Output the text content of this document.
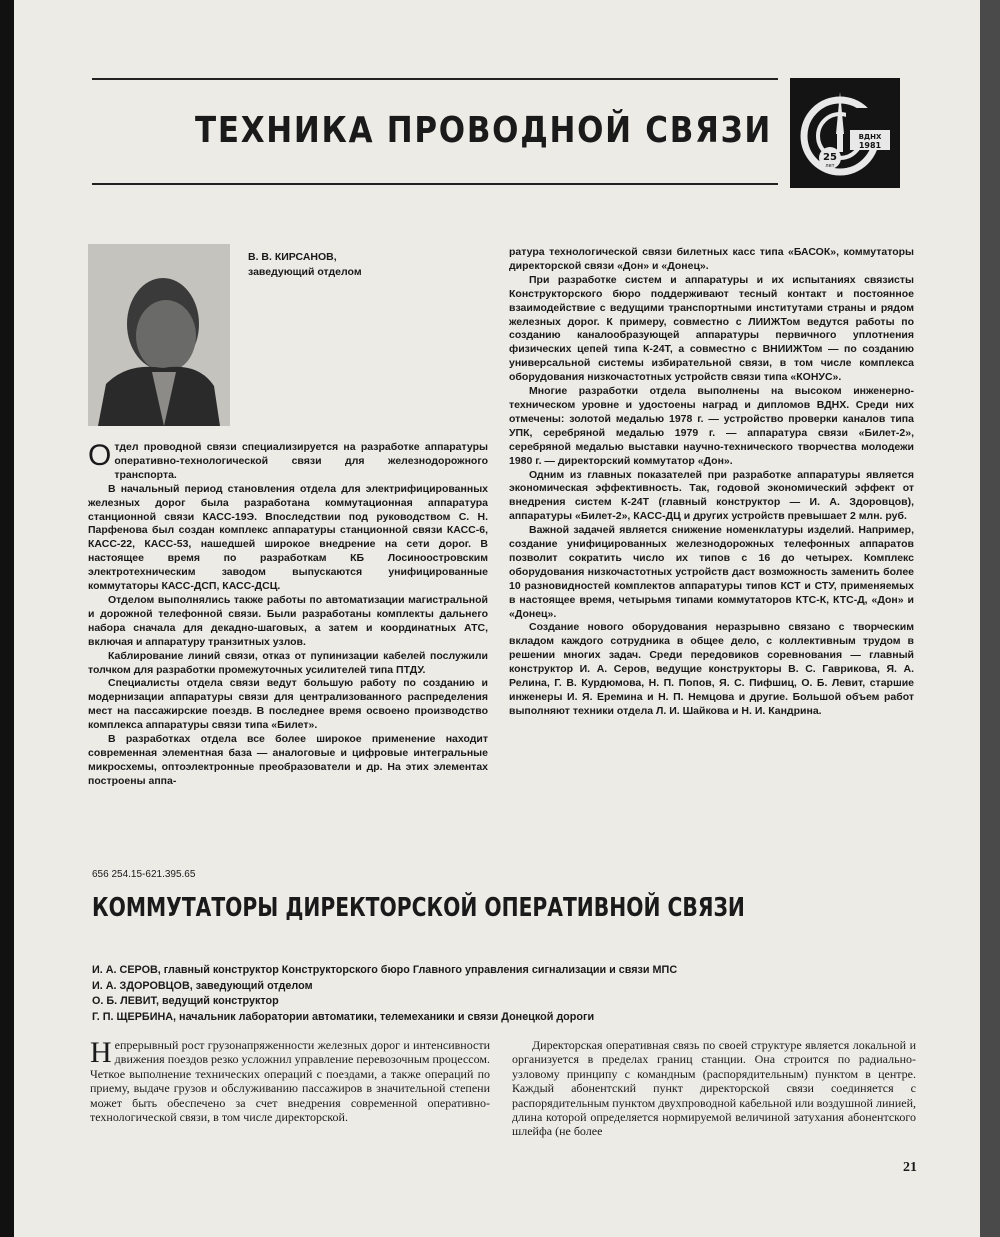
ТЕХНИКА ПРОВОДНОЙ СВЯЗИ	ВДНХ
1981
25
лет
В. В. КИРСАНОВ,
заведующий отделом

Отдел проводной связи специализируется на разработке аппаратуры оперативно-технологической связи для железнодорожного транспорта.

В начальный период становления отдела для электрифицированных железных дорог была разработана коммутационная аппаратура станционной связи КАСС-19Э. Впоследствии под руководством С. Н. Парфенова был создан комплекс аппаратуры станционной связи КАСС-6, КАСС-22, КАСС-53, нашедшей широкое внедрение на сети дорог. В настоящее время по разработкам КБ Лосиноостровским электротехническим заводом выпускаются унифицированные коммутаторы КАСС-ДСП, КАСС-ДСЦ.

Отделом выполнялись также работы по автоматизации магистральной и дорожной телефонной связи. Были разработаны комплекты дальнего набора сначала для декадно-шаговых, а затем и координатных АТС, включая и аппаратуру транзитных узлов.

Каблирование линий связи, отказ от пупинизации кабелей послужили толчком для разработки промежуточных усилителей типа ПТДУ.

Специалисты отдела связи ведут большую работу по созданию и модернизации аппаратуры связи для централизованного распределения мест на пассажирские поездв. В последнее время освоено производство комплекса аппаратуры связи типа «Билет».

В разработках отдела все более широкое применение находит современная элементная база — аналоговые и цифровые интегральные микросхемы, оптоэлектронные преобразователи и др. На этих элементах построены аппа-

ратура технологической связи билетных касс типа «БАСОК», коммутаторы директорской связи «Дон» и «Донец».

При разработке систем и аппаратуры и их испытаниях связисты Конструкторского бюро поддерживают тесный контакт и постоянное взаимодействие с ведущими транспортными институтами страны и рядом железных дорог. К примеру, совместно с ЛИИЖТом ведутся работы по созданию каналообразующей аппаратуры первичного уплотнения физических цепей типа К-24Т, а совместно с ВНИИЖТом — по созданию универсальной системы избирательной связи, в том числе комплекса оборудования низкочастотных устройств связи типа «КОНУС».

Многие разработки отдела выполнены на высоком инженерно-техническом уровне и удостоены наград и дипломов ВДНХ. Среди них отмечены: золотой медалью 1978 г. — устройство проверки каналов типа УПК, серебряной медалью 1979 г. — аппаратура связи «Билет-2», серебряной медалью выставки научно-технического творчества молодежи 1980 г. — директорский коммутатор «Дон».

Одним из главных показателей при разработке аппаратуры является экономическая эффективность. Так, годовой экономический эффект от внедрения систем К-24Т (главный конструктор — И. А. Здоровцов), аппаратуры «Билет-2», КАСС-ДЦ и других устройств превышает 2 млн. руб.

Важной задачей является снижение номенклатуры изделий. Например, создание унифицированных железнодорожных телефонных аппаратов позволит сократить число их типов с 16 до четырех. Комплекс оборудования низкочастотных устройств даст возможность заменить более 10 разновидностей комплектов аппаратуры типов КСТ и СТУ, применяемых в настоящее время, четырьмя типами коммутаторов КТС-К, КТС-Д, «Дон» и «Донец».

Создание нового оборудования неразрывно связано с творческим вкладом каждого сотрудника в общее дело, с коллективным трудом в решении многих задач. Среди передовиков соревнования — главный конструктор И. А. Серов, ведущие конструкторы В. С. Гаврикова, Я. А. Релина, Г. В. Курдюмова, Н. П. Попов, Я. С. Пифшиц, О. Б. Левит, старшие инженеры И. Я. Еремина и Н. П. Немцова и другие. Большой объем работ выполняют техники отдела Л. И. Шайкова и Н. И. Кандрина.

656 254.15-621.395.65
КОММУТАТОРЫ ДИРЕКТОРСКОЙ ОПЕРАТИВНОЙ СВЯЗИ
И. А. СЕРОВ, главный конструктор Конструкторского бюро Главного управления сигнализации и связи МПС
И. А. ЗДОРОВЦОВ, заведующий отделом
О. Б. ЛЕВИТ, ведущий конструктор
Г. П. ЩЕРБИНА, начальник лаборатории автоматики, телемеханики и связи Донецкой дороги

Непрерывный рост грузонапряженности железных дорог и интенсивности движения поездов резко усложнил управление перевозочным процессом. Четкое выполнение технических операций с поездами, а также операций по приему, выдаче грузов и обслуживанию пассажиров в значительной степени может быть обеспечено за счет внедрения современной оперативно-технологической связи, в том числе директорской.

Директорская оперативная связь по своей структуре является локальной и организуется в пределах границ станции. Она строится по радиально-узловому принципу с командным (распорядительным) пунктом в центре. Каждый абонентский пункт директорской связи соединяется с распорядительным пунктом двухпроводной кабельной или воздушной линией, длина которой определяется нормируемой величиной затухания абонентского шлейфа (не более

21
